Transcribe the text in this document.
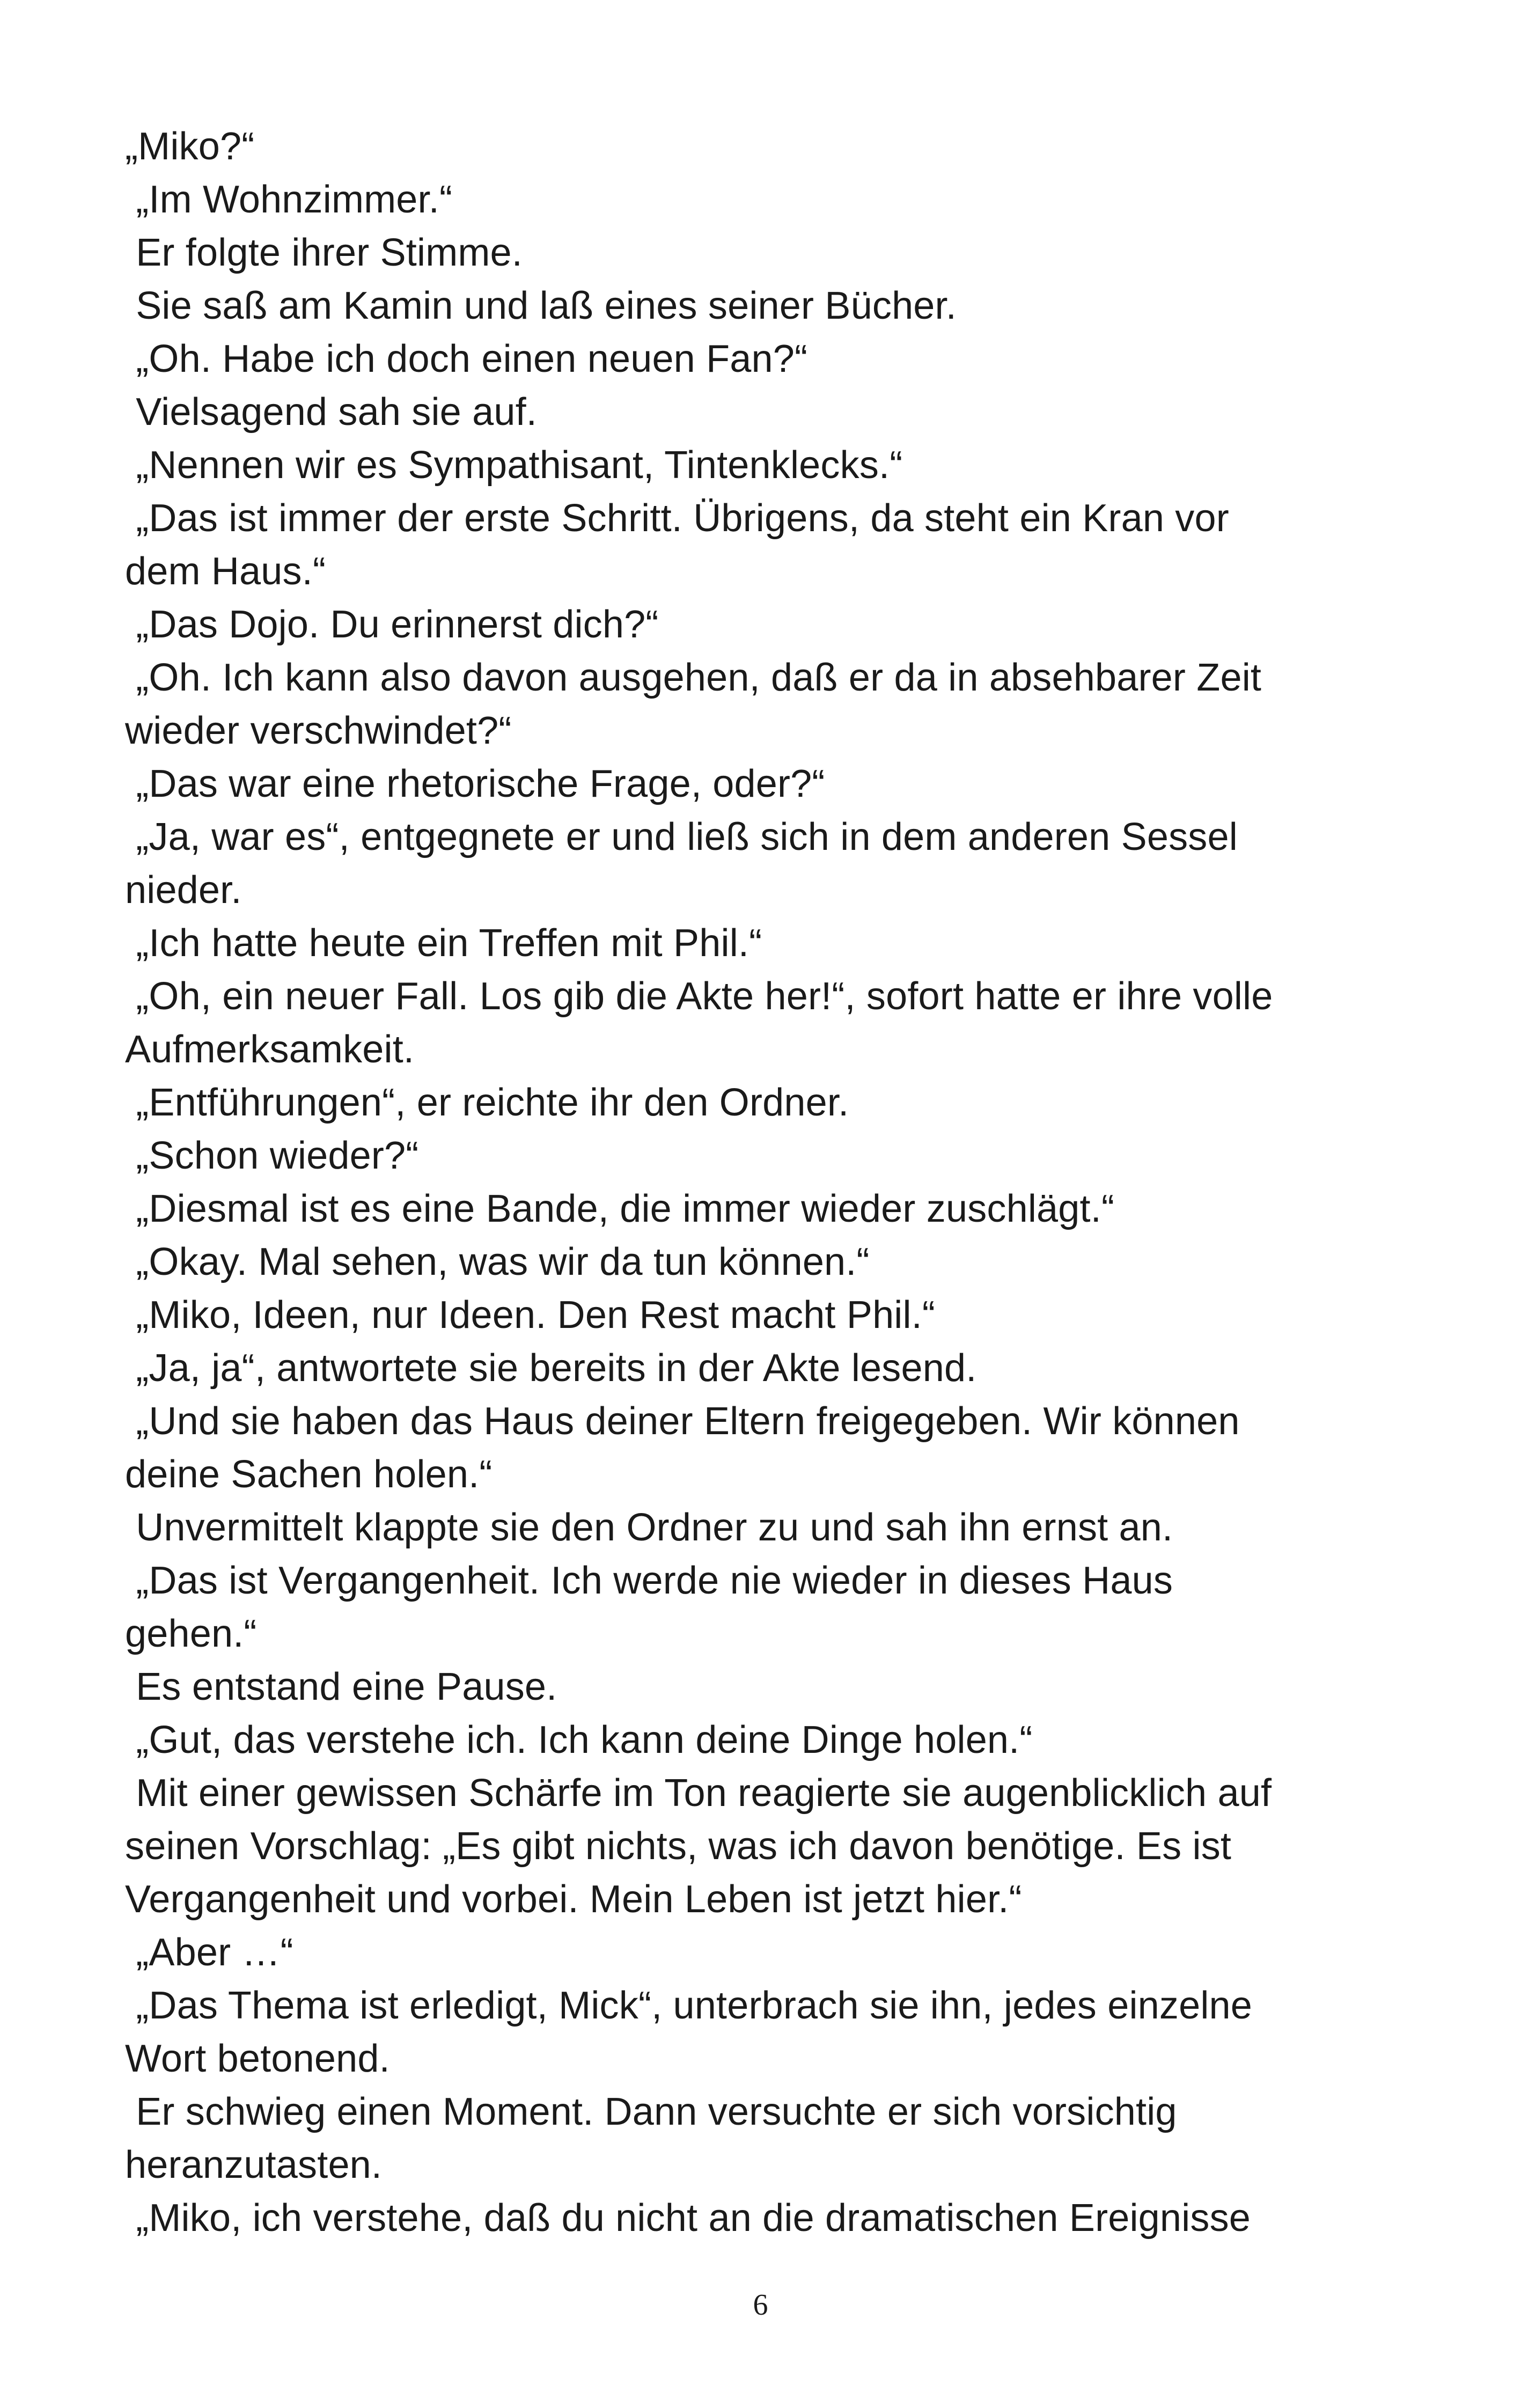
„Miko?“
„Im Wohnzimmer.“
Er folgte ihrer Stimme.
Sie saß am Kamin und laß eines seiner Bücher.
„Oh. Habe ich doch einen neuen Fan?“
Vielsagend sah sie auf.
„Nennen wir es Sympathisant, Tintenklecks.“
„Das ist immer der erste Schritt. Übrigens, da steht ein Kran vor
dem Haus.“
„Das Dojo. Du erinnerst dich?“
„Oh. Ich kann also davon ausgehen, daß er da in absehbarer Zeit
wieder verschwindet?“
„Das war eine rhetorische Frage, oder?“
„Ja, war es“, entgegnete er und ließ sich in dem anderen Sessel
nieder.
„Ich hatte heute ein Treffen mit Phil.“
„Oh, ein neuer Fall. Los gib die Akte her!“, sofort hatte er ihre volle
Aufmerksamkeit.
„Entführungen“, er reichte ihr den Ordner.
„Schon wieder?“
„Diesmal ist es eine Bande, die immer wieder zuschlägt.“
„Okay. Mal sehen, was wir da tun können.“
„Miko, Ideen, nur Ideen. Den Rest macht Phil.“
„Ja, ja“, antwortete sie bereits in der Akte lesend.
„Und sie haben das Haus deiner Eltern freigegeben. Wir können
deine Sachen holen.“
Unvermittelt klappte sie den Ordner zu und sah ihn ernst an.
„Das ist Vergangenheit. Ich werde nie wieder in dieses Haus
gehen.“
Es entstand eine Pause.
„Gut, das verstehe ich. Ich kann deine Dinge holen.“
Mit einer gewissen Schärfe im Ton reagierte sie augenblicklich auf
seinen Vorschlag: „Es gibt nichts, was ich davon benötige. Es ist
Vergangenheit und vorbei. Mein Leben ist jetzt hier.“
„Aber …“
„Das Thema ist erledigt, Mick“, unterbrach sie ihn, jedes einzelne
Wort betonend.
Er schwieg einen Moment. Dann versuchte er sich vorsichtig
heranzutasten.
„Miko, ich verstehe, daß du nicht an die dramatischen Ereignisse
6
